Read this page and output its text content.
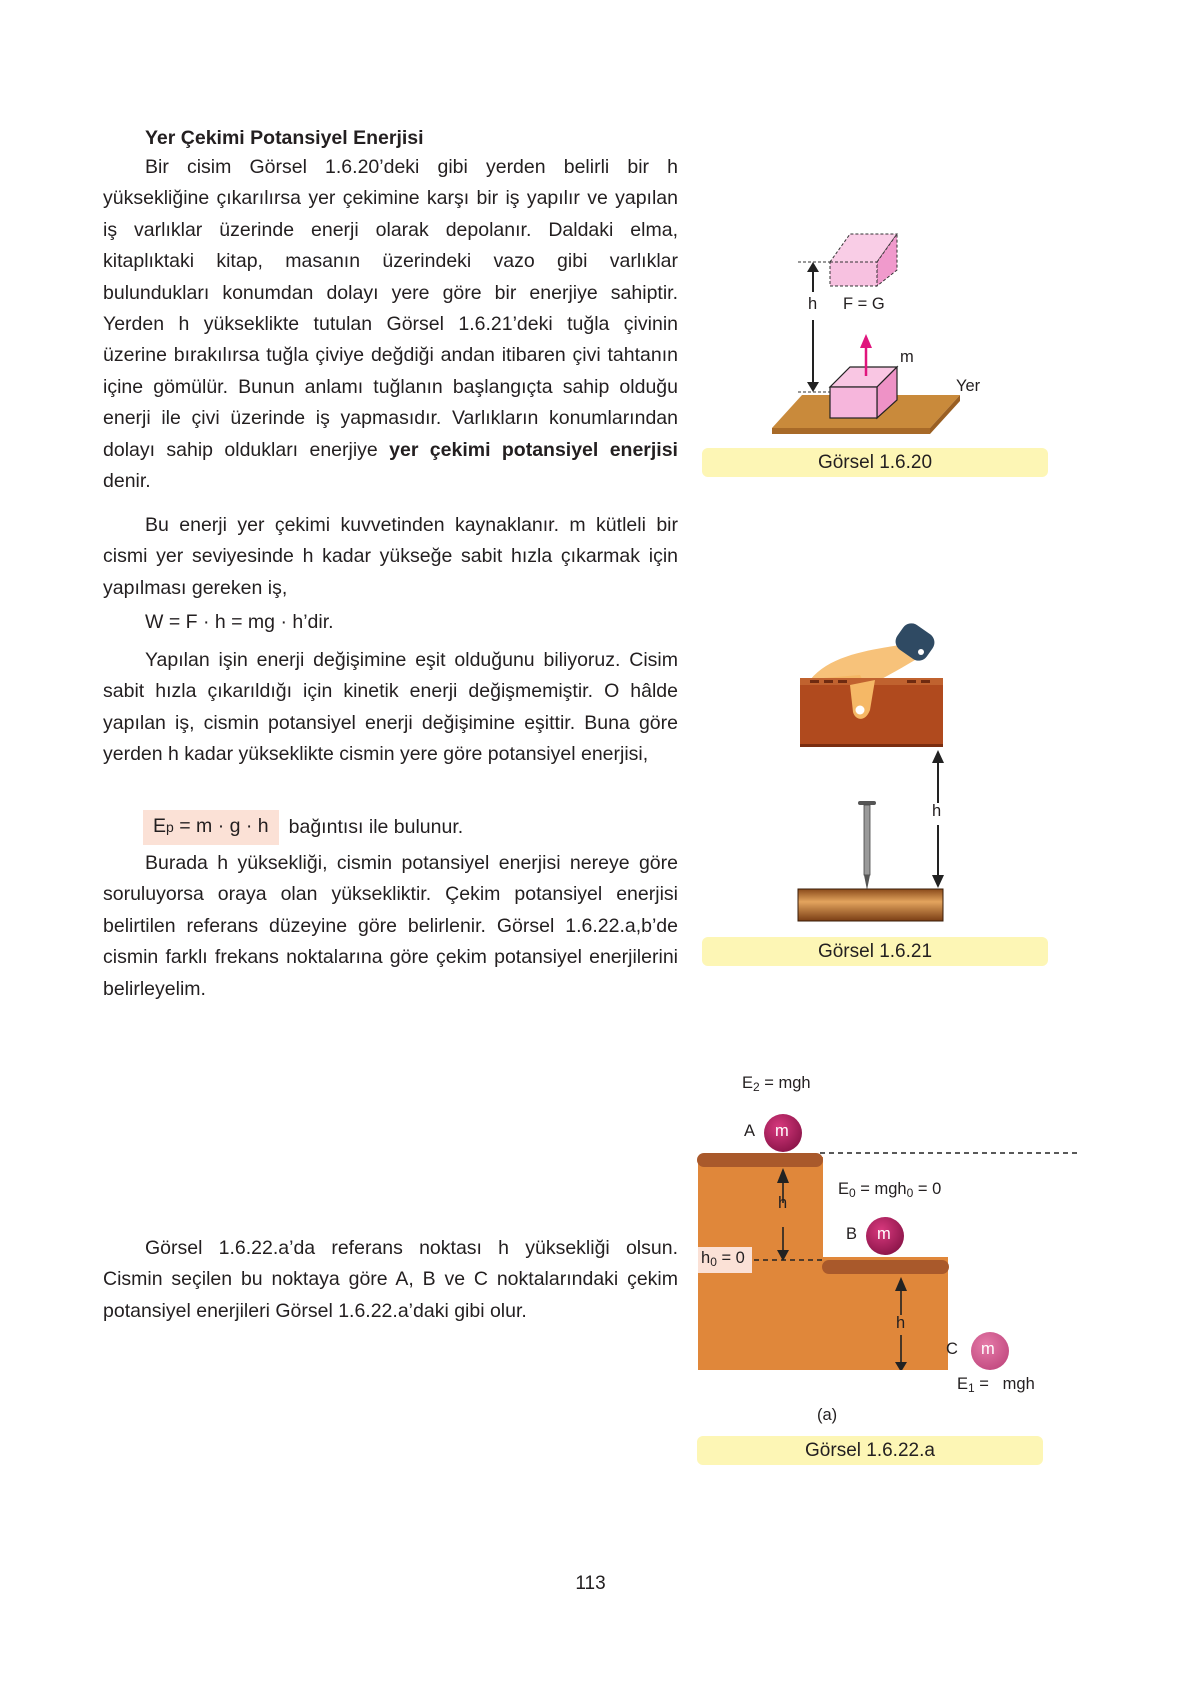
Yer Çekimi Potansiyel Enerjisi

Bir cisim Görsel 1.6.20’deki gibi yerden belirli bir h yüksekliğine çıkarılırsa yer çekimine karşı bir iş yapılır ve yapılan iş varlıklar üzerinde enerji olarak depolanır. Daldaki elma, kitaplıktaki kitap, masanın üzerindeki vazo gibi varlıklar bulundukları konumdan dolayı yere göre bir enerjiye sahiptir. Yerden h yükseklikte tutulan Görsel 1.6.21’deki tuğla çivinin üzerine bırakılırsa tuğla çiviye değdiği andan itibaren çivi tahtanın içine gömülür. Bunun anlamı tuğlanın başlangıçta sahip olduğu enerji ile çivi üzerinde iş yapmasıdır. Varlıkların konumlarından dolayı sahip oldukları enerjiye yer çekimi potansiyel enerjisi denir.

Bu enerji yer çekimi kuvvetinden kaynaklanır. m kütleli bir cismi yer seviyesinde h kadar yükseğe sabit hızla çıkarmak için yapılması gereken iş,

W = F · h = mg · h’dir.

Yapılan işin enerji değişimine eşit olduğunu biliyoruz. Cisim sabit hızla çıkarıldığı için kinetik enerji değişmemiştir. O hâlde yapılan iş, cismin potansiyel enerji değişimine eşittir. Buna göre yerden h kadar yükseklikte cismin yere göre potansiyel enerjisi,

E p = m · g · h bağıntısı ile bulunur.

Burada h yüksekliği, cismin potansiyel enerjisi nereye göre soruluyorsa oraya olan yüksekliktir. Çekim potansiyel enerjisi belirtilen referans düzeyine göre belirlenir. Görsel 1.6.22.a,b’de cismin farklı frekans noktalarına göre çekim potansiyel enerjilerini belirleyelim.

Görsel 1.6.22.a’da referans noktası h yüksekliği olsun. Cismin seçilen bu noktaya göre A, B ve C noktalarındaki çekim potansiyel enerjileri Görsel 1.6.22.a’daki gibi olur.

h F = G
m
Yer
Görsel 1.6.20
h
Görsel 1.6.21
$E_2$ = mgh
A m
$E_0 = mgh_0 = 0$
h
B m
$h_0 = 0$
h
C m
$E_1$ =   mgh
(a)
Görsel 1.6.22.a
113
